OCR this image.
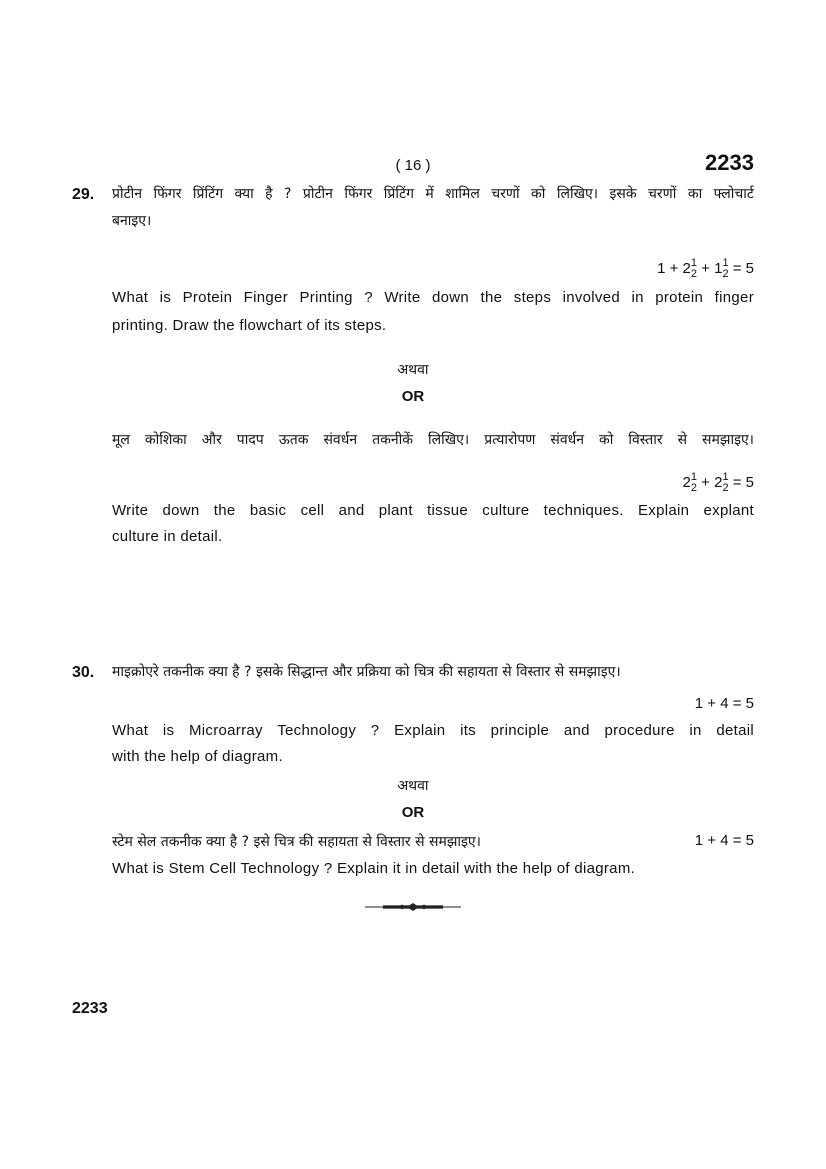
( 16 )	2233
29. प्रोटीन फिंगर प्रिंटिंग क्या है ? प्रोटीन फिंगर प्रिंटिंग में शामिल चरणों को लिखिए। इसके चरणों का फ्लोचार्ट
बनाइए।
1 + 2 1
2 + 1 1
2 = 5
What is Protein Finger Printing ? Write down the steps involved in protein finger
printing. Draw the flowchart of its steps.
अथवा
OR
मूल कोशिका और पादप ऊतक संवर्धन तकनीकें लिखिए। प्रत्यारोपण संवर्धन को विस्तार से समझाइए।
2 1
2 + 2 1
2 = 5
Write down the basic cell and plant tissue culture techniques. Explain explant
culture in detail.
30. माइक्रोएरे तकनीक क्या है ? इसके सिद्धान्त और प्रक्रिया को चित्र की सहायता से विस्तार से समझाइए।
1 + 4 = 5
What is Microarray Technology ? Explain its principle and procedure in detail
with the help of diagram.
अथवा
OR
स्टेम सेल तकनीक क्या है ? इसे चित्र की सहायता से विस्तार से समझाइए।	1 + 4 = 5
What is Stem Cell Technology ? Explain it in detail with the help of diagram.
2233
